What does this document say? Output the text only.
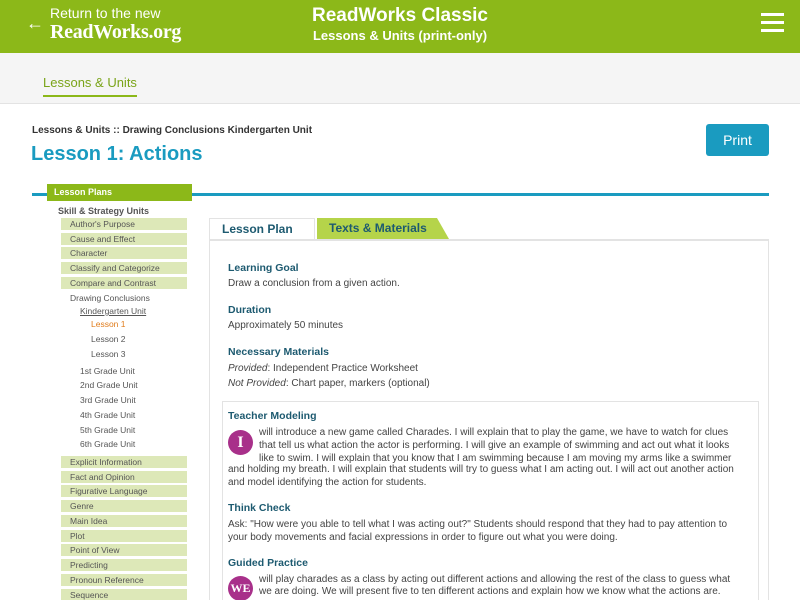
← Return to the new
ReadWorks.org
ReadWorks Classic
Lessons & Units (print-only)
Lessons & Units
Lessons & Units :: Drawing Conclusions Kindergarten Unit
Lesson 1: Actions
Print
Lesson Plans
Skill & Strategy Units
Author's Purpose
Cause and Effect
Character
Classify and Categorize
Compare and Contrast
Drawing Conclusions
Kindergarten Unit
Lesson 1
Lesson 2
Lesson 3
1st Grade Unit
2nd Grade Unit
3rd Grade Unit
4th Grade Unit
5th Grade Unit
6th Grade Unit
Explicit Information
Fact and Opinion
Figurative Language
Genre
Main Idea
Plot
Point of View
Predicting
Pronoun Reference
Sequence
Lesson Plan	Texts & Materials
Learning Goal
Draw a conclusion from a given action.
Duration
Approximately 50 minutes
Necessary Materials
Provided: Independent Practice Worksheet
Not Provided: Chart paper, markers (optional)
Teacher Modeling
I
will introduce a new game called Charades. I will explain that to play the game, we have to watch for clues
that tell us what action the actor is performing. I will give an example of swimming and act out what it looks
like to swim. I will explain that you know that I am swimming because I am moving my arms like a swimmer
and holding my breath. I will explain that students will try to guess what I am acting out. I will act out another action
and model identifying the action for students.
Think Check
Ask: "How were you able to tell what I was acting out?" Students should respond that they had to pay attention to
your body movements and facial expressions in order to figure out what you were doing.
Guided Practice
WE
will play charades as a class by acting out different actions and allowing the rest of the class to guess what
we are doing. We will present five to ten different actions and explain how we know what the actions are.
